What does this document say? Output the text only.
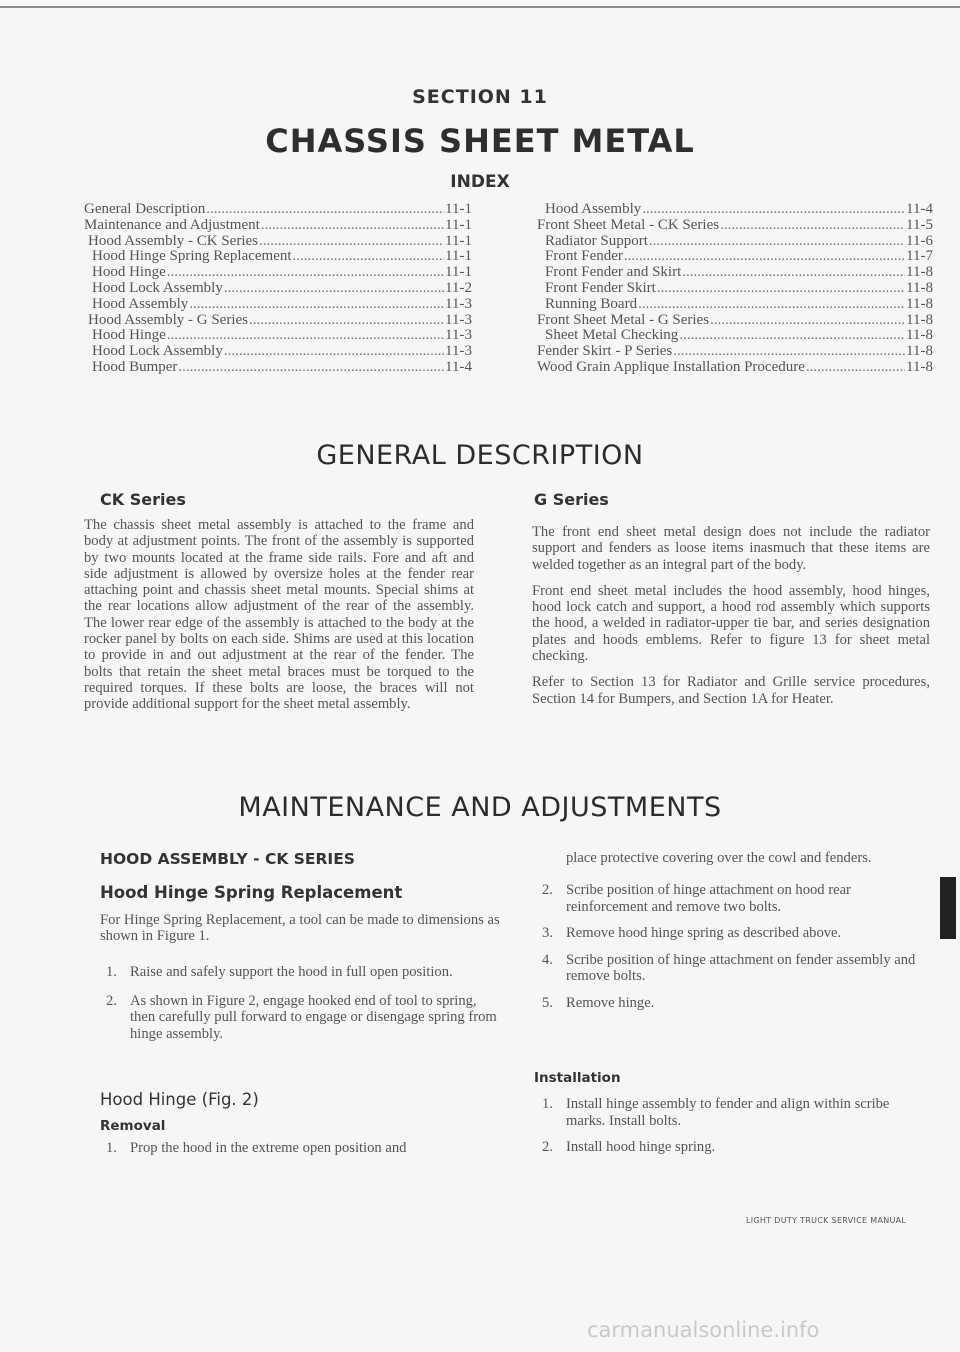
SECTION 11
CHASSIS SHEET METAL
INDEX
General Description .....	11-1
Maintenance and Adjustment .....	11-1
Hood Assembly - CK Series .....	11-1
Hood Hinge Spring Replacement .....	11-1
Hood Hinge .....	11-1
Hood Lock Assembly .....	11-2
Hood Assembly .....	11-3
Hood Assembly - G Series .....	11-3
Hood Hinge .....	11-3
Hood Lock Assembly .....	11-3
Hood Bumper .....	11-4
Hood Assembly .....	11-4
Front Sheet Metal - CK Series .....	11-5
Radiator Support .....	11-6
Front Fender .....	11-7
Front Fender and Skirt .....	11-8
Front Fender Skirt .....	11-8
Running Board .....	11-8
Front Sheet Metal - G Series .....	11-8
Sheet Metal Checking .....	11-8
Fender Skirt - P Series .....	11-8
Wood Grain Applique Installation Procedure .....	11-8
GENERAL DESCRIPTION
CK Series

The chassis sheet metal assembly is attached to the frame and body at adjustment points. The front of the assembly is supported by two mounts located at the frame side rails. Fore and aft and side adjustment is allowed by oversize holes at the fender rear attaching point and chassis sheet metal mounts. Special shims at the rear locations allow adjustment of the rear of the assembly. The lower rear edge of the assembly is attached to the body at the rocker panel by bolts on each side. Shims are used at this location to provide in and out adjustment at the rear of the fender. The bolts that retain the sheet metal braces must be torqued to the required torques. If these bolts are loose, the braces will not provide additional support for the sheet metal assembly.

G Series

The front end sheet metal design does not include the radiator support and fenders as loose items inasmuch that these items are welded together as an integral part of the body.

Front end sheet metal includes the hood assembly, hood hinges, hood lock catch and support, a hood rod assembly which supports the hood, a welded in radiator-upper tie bar, and series designation plates and hoods emblems. Refer to figure 13 for sheet metal checking.

Refer to Section 13 for Radiator and Grille service procedures, Section 14 for Bumpers, and Section 1A for Heater.

MAINTENANCE AND ADJUSTMENTS
HOOD ASSEMBLY - CK SERIES
Hood Hinge Spring Replacement
For Hinge Spring Replacement, a tool can be made to dimensions as shown in Figure 1.
1. Raise and safely support the hood in full open position.
2. As shown in Figure 2, engage hooked end of tool to spring, then carefully pull forward to engage or disengage spring from hinge assembly.
Hood Hinge (Fig. 2)
Removal
1. Prop the hood in the extreme open position and
place protective covering over the cowl and fenders.
2. Scribe position of hinge attachment on hood rear reinforcement and remove two bolts.
3. Remove hood hinge spring as described above.
4. Scribe position of hinge attachment on fender assembly and remove bolts.
5. Remove hinge.
Installation
1. Install hinge assembly to fender and align within scribe marks. Install bolts.
2. Install hood hinge spring.
LIGHT DUTY TRUCK SERVICE MANUAL
carmanualsonline.info
